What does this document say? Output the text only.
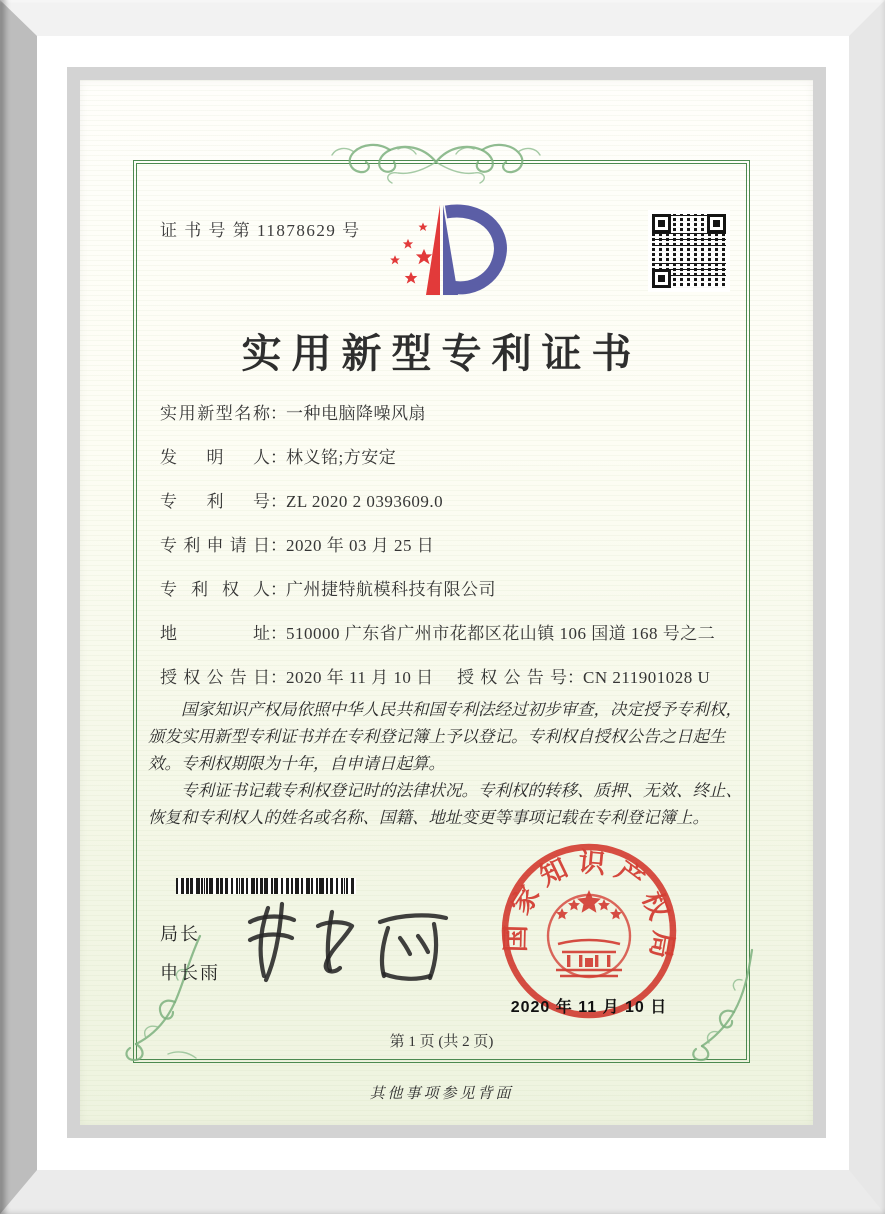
证 书 号 第 11878629 号
实用新型专利证书
实用新型名称：一种电脑降噪风扇
发明人：林义铭;方安定
专利号：ZL 2020 2 0393609.0
专利申请日：2020 年 03 月 25 日
专利权人：广州捷特航模科技有限公司
地址：510000 广东省广州市花都区花山镇 106 国道 168 号之二
授权公告日：2020 年 11 月 10 日 授权公告号：CN 211901028 U

国家知识产权局依照中华人民共和国专利法经过初步审查，决定授予专利权，颁发实用新型专利证书并在专利登记簿上予以登记。专利权自授权公告之日起生效。专利权期限为十年，自申请日起算。

专利证书记载专利权登记时的法律状况。专利权的转移、质押、无效、终止、恢复和专利权人的姓名或名称、国籍、地址变更等事项记载在专利登记簿上。

局长
申长雨
国家知识产权局
2020 年 11 月 10 日
第 1 页 (共 2 页)
其他事项参见背面
